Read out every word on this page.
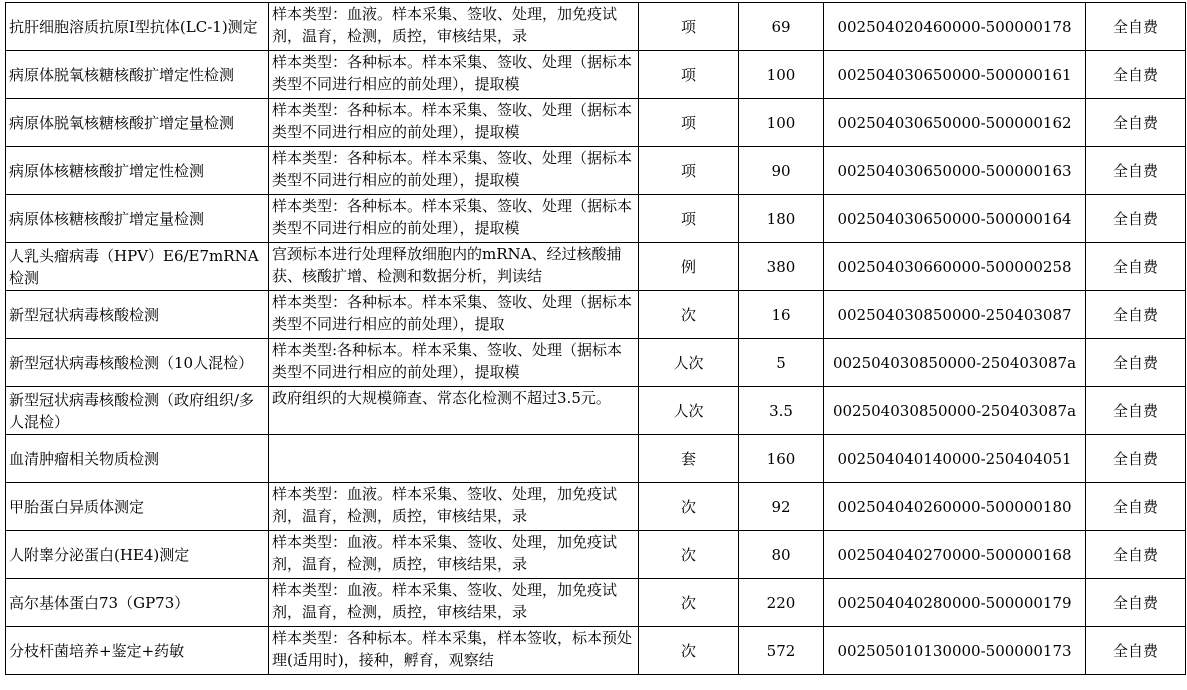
抗肝细胞溶质抗原I型抗体(LC-1)测定	样本类型：血液。样本采集、签收、处理，加免疫试剂，温育，检测，质控，审核结果，录	项	69	002504020460000-500000178	全自费
病原体脱氧核糖核酸扩增定性检测	样本类型：各种标本。样本采集、签收、处理（据标本类型不同进行相应的前处理），提取模	项	100	002504030650000-500000161	全自费
病原体脱氧核糖核酸扩增定量检测	样本类型：各种标本。样本采集、签收、处理（据标本类型不同进行相应的前处理），提取模	项	100	002504030650000-500000162	全自费
病原体核糖核酸扩增定性检测	样本类型：各种标本。样本采集、签收、处理（据标本类型不同进行相应的前处理），提取模	项	90	002504030650000-500000163	全自费
病原体核糖核酸扩增定量检测	样本类型：各种标本。样本采集、签收、处理（据标本类型不同进行相应的前处理），提取模	项	180	002504030650000-500000164	全自费
人乳头瘤病毒（HPV）E6/E7mRNA检测	宫颈标本进行处理释放细胞内的mRNA、经过核酸捕获、核酸扩增、检测和数据分析，判读结	例	380	002504030660000-500000258	全自费
新型冠状病毒核酸检测	样本类型：各种标本。样本采集、签收、处理（据标本类型不同进行相应的前处理），提取	次	16	002504030850000-250403087	全自费
新型冠状病毒核酸检测（10人混检）	样本类型:各种标本。样本采集、签收、处理（据标本类型不同进行相应的前处理），提取模	人次	5	002504030850000-250403087a	全自费
新型冠状病毒核酸检测（政府组织/多人混检）	政府组织的大规模筛查、常态化检测不超过3.5元。	人次	3.5	002504030850000-250403087a	全自费
血清肿瘤相关物质检测		套	160	002504040140000-250404051	全自费
甲胎蛋白异质体测定	样本类型：血液。样本采集、签收、处理，加免疫试剂，温育，检测，质控，审核结果，录	次	92	002504040260000-500000180	全自费
人附睾分泌蛋白(HE4)测定	样本类型：血液。样本采集、签收、处理，加免疫试剂，温育，检测，质控，审核结果，录	次	80	002504040270000-500000168	全自费
高尔基体蛋白73（GP73）	样本类型：血液。样本采集、签收、处理，加免疫试剂，温育，检测，质控，审核结果，录	次	220	002504040280000-500000179	全自费
分枝杆菌培养+鉴定+药敏	样本类型：各种标本。样本采集，样本签收，标本预处理(适用时)，接种，孵育，观察结	次	572	002505010130000-500000173	全自费
